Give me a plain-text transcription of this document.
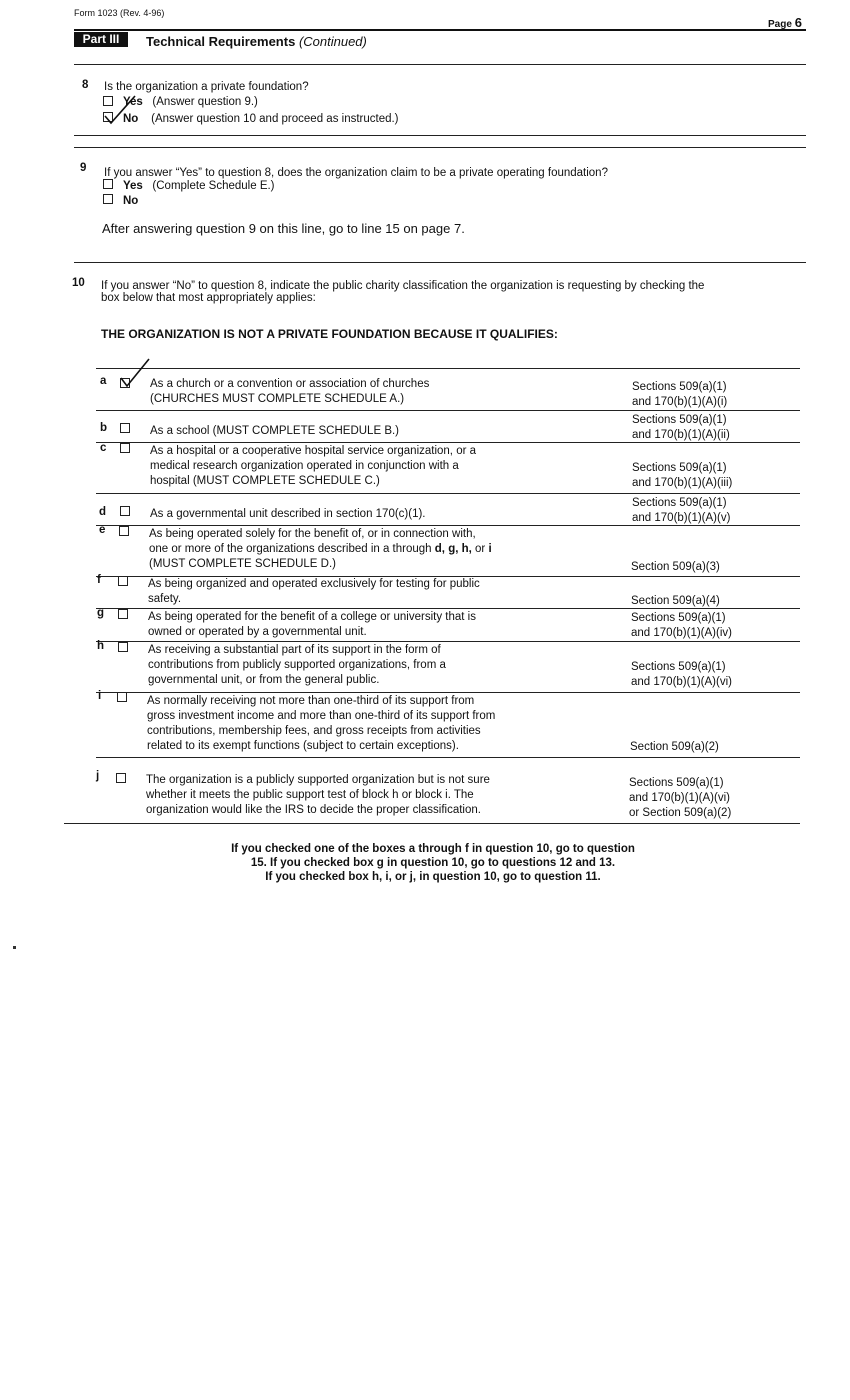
Form 1023 (Rev. 4-96)
Page 6
Part III	Technical Requirements (Continued)
8 Is the organization a private foundation?
Yes (Answer question 9.)
No (Answer question 10 and proceed as instructed.)
9 If you answer “Yes” to question 8, does the organization claim to be a private operating foundation?
Yes (Complete Schedule E.)
No
After answering question 9 on this line, go to line 15 on page 7.
10 If you answer “No” to question 8, indicate the public charity classification the organization is requesting by checking the
box below that most appropriately applies:
THE ORGANIZATION IS NOT A PRIVATE FOUNDATION BECAUSE IT QUALIFIES:
a	As a church or a convention or association of churches
(CHURCHES MUST COMPLETE SCHEDULE A.)
Sections 509(a)(1)
and 170(b)(1)(A)(i)
b	As a school (MUST COMPLETE SCHEDULE B.)
Sections 509(a)(1)
and 170(b)(1)(A)(ii)
c	As a hospital or a cooperative hospital service organization, or a
medical research organization operated in conjunction with a
hospital (MUST COMPLETE SCHEDULE C.)
Sections 509(a)(1)
and 170(b)(1)(A)(iii)
d	As a governmental unit described in section 170(c)(1).
Sections 509(a)(1)
and 170(b)(1)(A)(v)
e	As being operated solely for the benefit of, or in connection with,
one or more of the organizations described in a through d, g, h, or i
(MUST COMPLETE SCHEDULE D.)	Section 509(a)(3)
f	As being organized and operated exclusively for testing for public
safety.	Section 509(a)(4)
g	As being operated for the benefit of a college or university that is
owned or operated by a governmental unit.
Sections 509(a)(1)
and 170(b)(1)(A)(iv)
h	As receiving a substantial part of its support in the form of
contributions from publicly supported organizations, from a
governmental unit, or from the general public.
Sections 509(a)(1)
and 170(b)(1)(A)(vi)
i	As normally receiving not more than one-third of its support from
gross investment income and more than one-third of its support from
contributions, membership fees, and gross receipts from activities
related to its exempt functions (subject to certain exceptions).	Section 509(a)(2)
j	The organization is a publicly supported organization but is not sure
whether it meets the public support test of block h or block i. The
organization would like the IRS to decide the proper classification.
Sections 509(a)(1)
and 170(b)(1)(A)(vi)
or Section 509(a)(2)
If you checked one of the boxes a through f in question 10, go to question
15. If you checked box g in question 10, go to questions 12 and 13.
If you checked box h, i, or j, in question 10, go to question 11.
